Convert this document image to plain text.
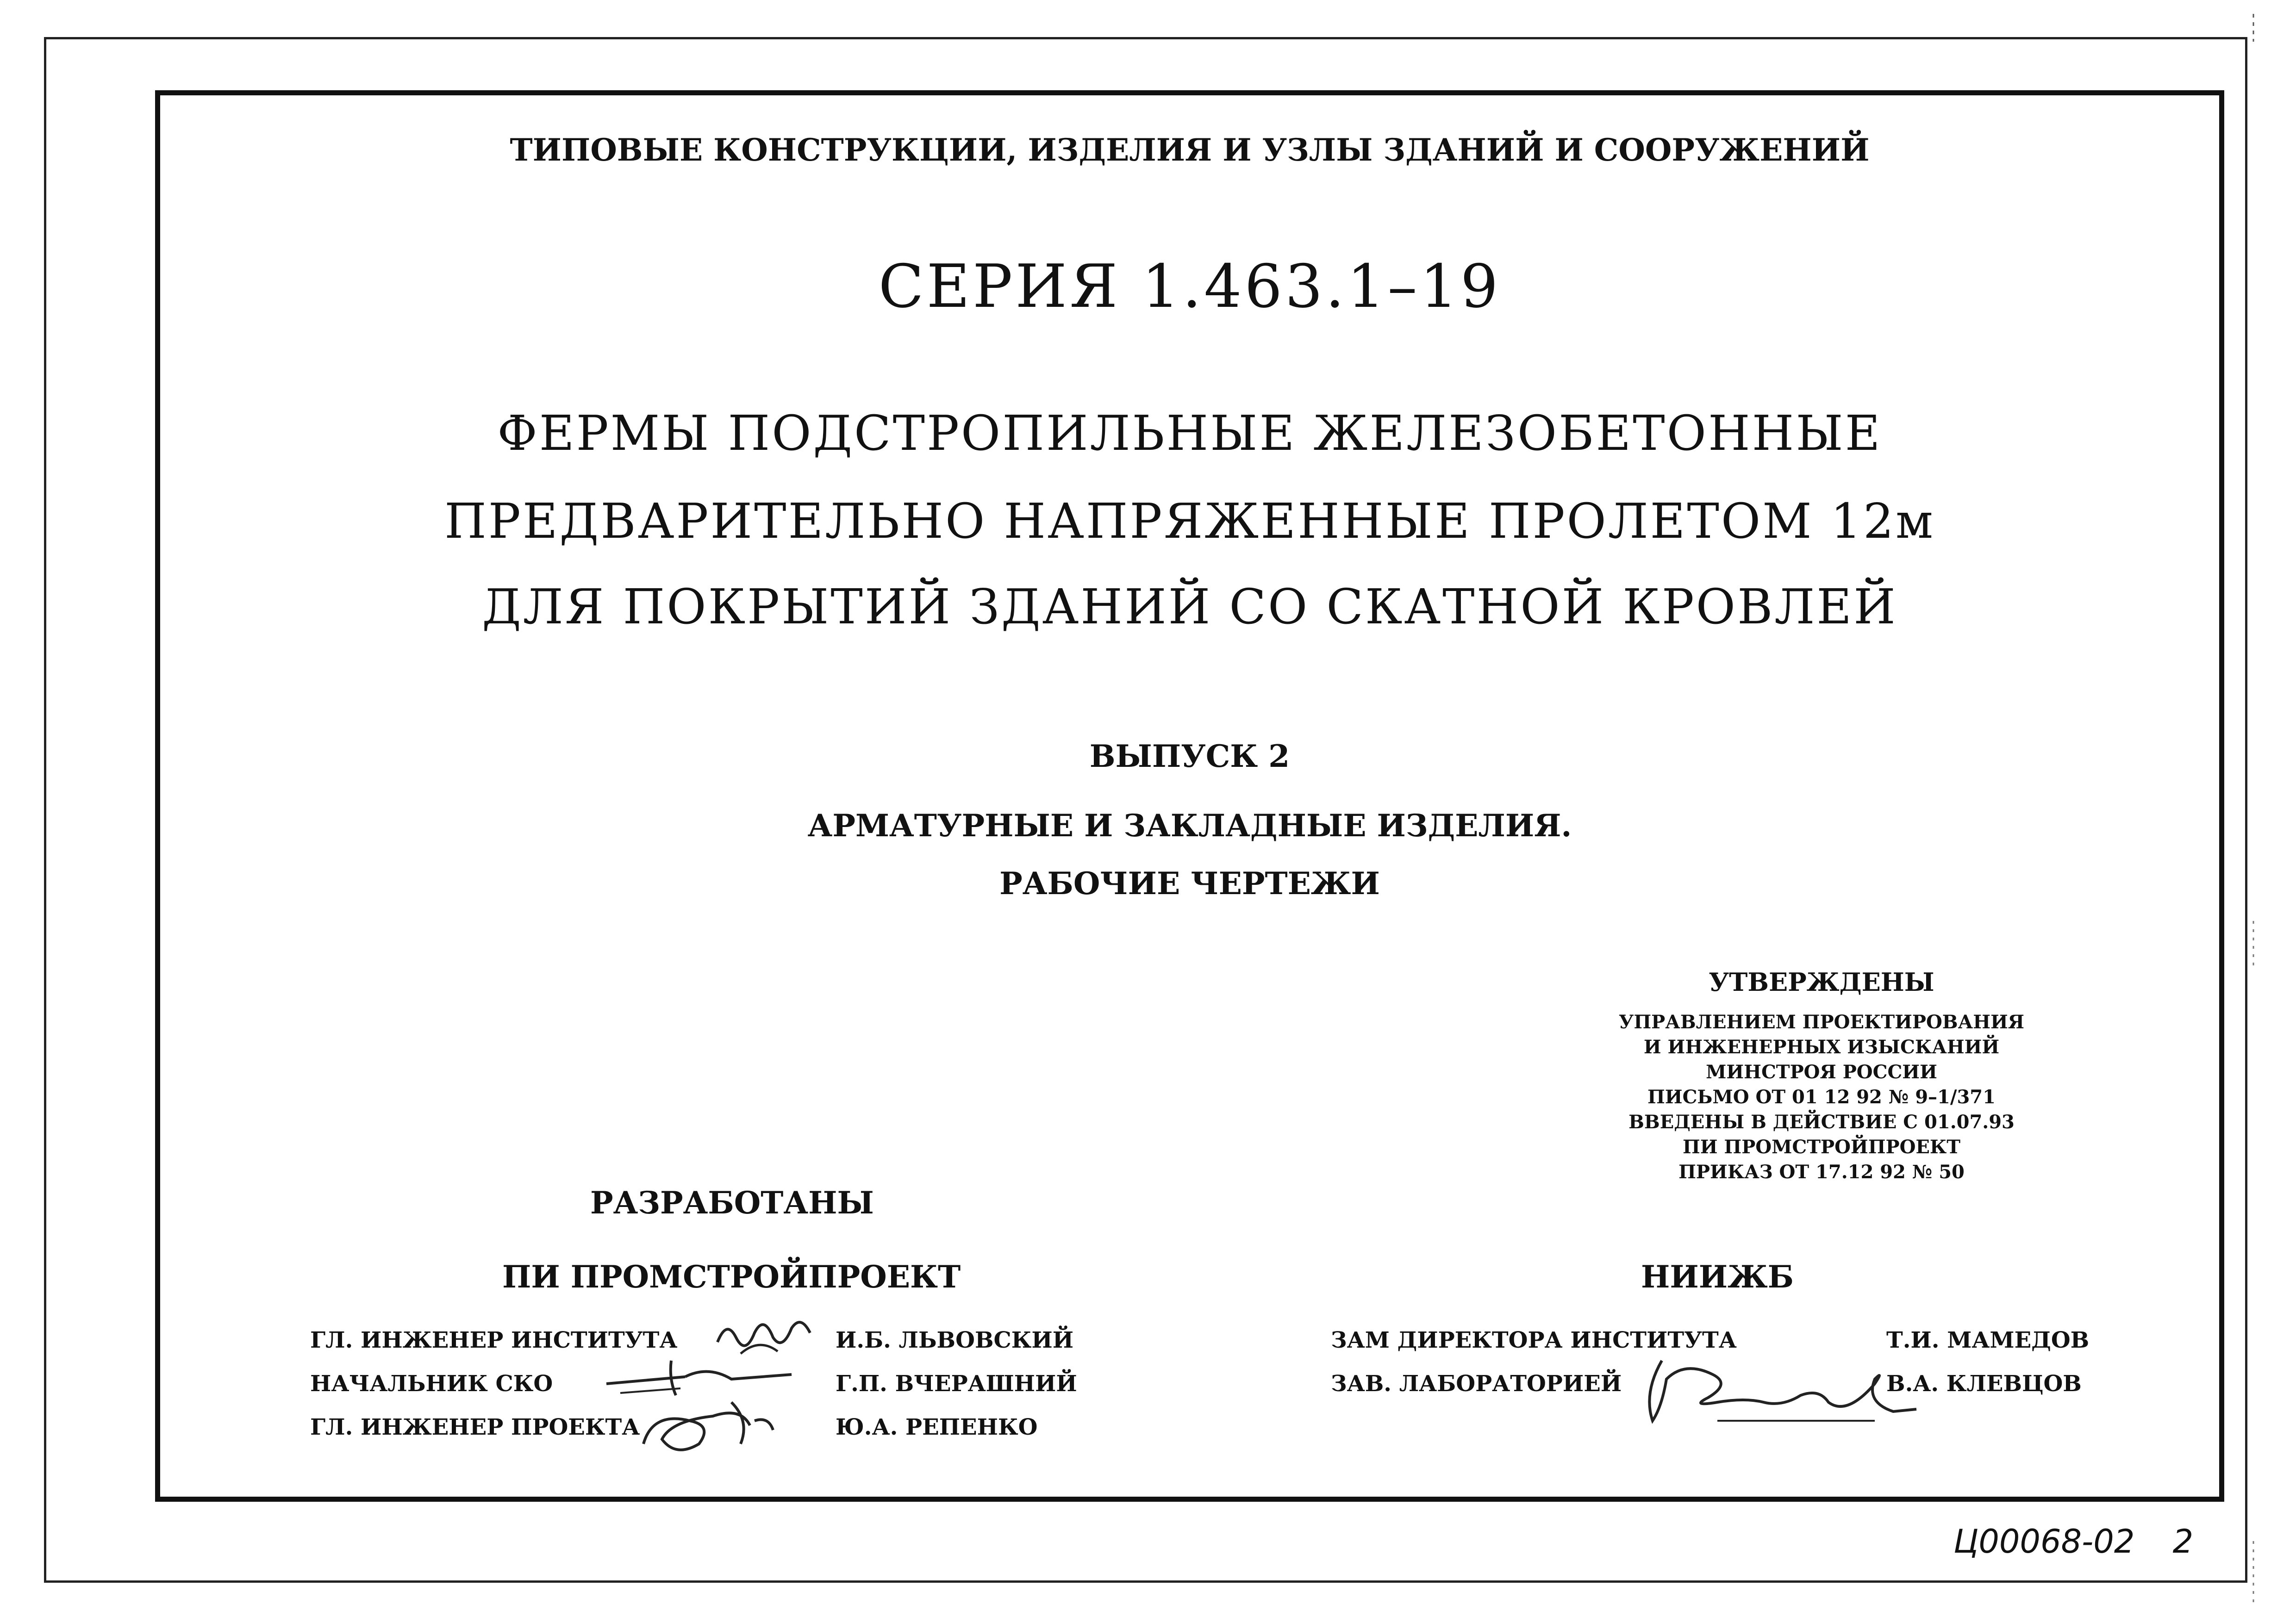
ТИПОВЫЕ КОНСТРУКЦИИ, ИЗДЕЛИЯ И УЗЛЫ ЗДАНИЙ И СООРУЖЕНИЙ
СЕРИЯ 1.463.1–19
ФЕРМЫ ПОДСТРОПИЛЬНЫЕ ЖЕЛЕЗОБЕТОННЫЕ
ПРЕДВАРИТЕЛЬНО НАПРЯЖЕННЫЕ ПРОЛЕТОМ 12м
ДЛЯ ПОКРЫТИЙ ЗДАНИЙ СО СКАТНОЙ КРОВЛЕЙ
ВЫПУСК 2
АРМАТУРНЫЕ И ЗАКЛАДНЫЕ ИЗДЕЛИЯ.
РАБОЧИЕ ЧЕРТЕЖИ
УТВЕРЖДЕНЫ
УПРАВЛЕНИЕМ ПРОЕКТИРОВАНИЯ
И ИНЖЕНЕРНЫХ ИЗЫСКАНИЙ
МИНСТРОЯ РОССИИ
ПИСЬМО ОТ 01 12 92 № 9–1/371
ВВЕДЕНЫ В ДЕЙСТВИЕ С 01.07.93
ПИ ПРОМСТРОЙПРОЕКТ
ПРИКАЗ ОТ 17.12 92 № 50
РАЗРАБОТАНЫ
ПИ ПРОМСТРОЙПРОЕКТ	НИИЖБ
ГЛ. ИНЖЕНЕР ИНСТИТУТА	И.Б. ЛЬВОВСКИЙ
НАЧАЛЬНИК СКО	Г.П. ВЧЕРАШНИЙ
ГЛ. ИНЖЕНЕР ПРОЕКТА	Ю.А. РЕПЕНКО
ЗАМ ДИРЕКТОРА ИНСТИТУТА	Т.И. МАМЕДОВ
ЗАВ. ЛАБОРАТОРИЕЙ	В.А. КЛЕВЦОВ
Ц00068-02 2
